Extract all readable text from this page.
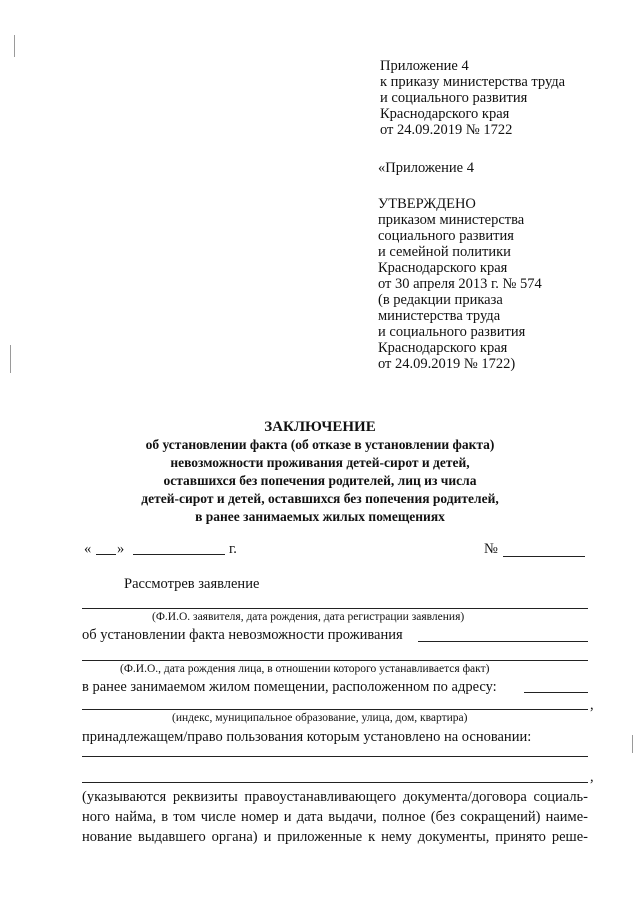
Приложение 4
к приказу министерства труда
и социального развития
Краснодарского края
от 24.09.2019 № 1722
«Приложение 4
УТВЕРЖДЕНО
приказом министерства
социального развития
и семейной политики
Краснодарского края
от 30 апреля 2013 г. № 574
(в редакции приказа
министерства труда
и социального развития
Краснодарского края
от 24.09.2019 № 1722)
ЗАКЛЮЧЕНИЕ
об установлении факта (об отказе в установлении факта)
невозможности проживания детей-сирот и детей,
оставшихся без попечения родителей, лиц из числа
детей-сирот и детей, оставшихся без попечения родителей,
в ранее занимаемых жилых помещениях
« »	г.	№
Рассмотрев заявление
(Ф.И.О. заявителя, дата рождения, дата регистрации заявления)
об установлении факта невозможности проживания
(Ф.И.О., дата рождения лица, в отношении которого устанавливается факт)
в ранее занимаемом жилом помещении, расположенном по адресу:
,
(индекс, муниципальное образование, улица, дом, квартира)
принадлежащем/право пользования которым установлено на основании:
,
(указываются реквизиты правоустанавливающего документа/договора социаль-
ного найма, в том числе номер и дата выдачи, полное (без сокращений) наиме-
нование выдавшего органа) и приложенные к нему документы, принято реше-
